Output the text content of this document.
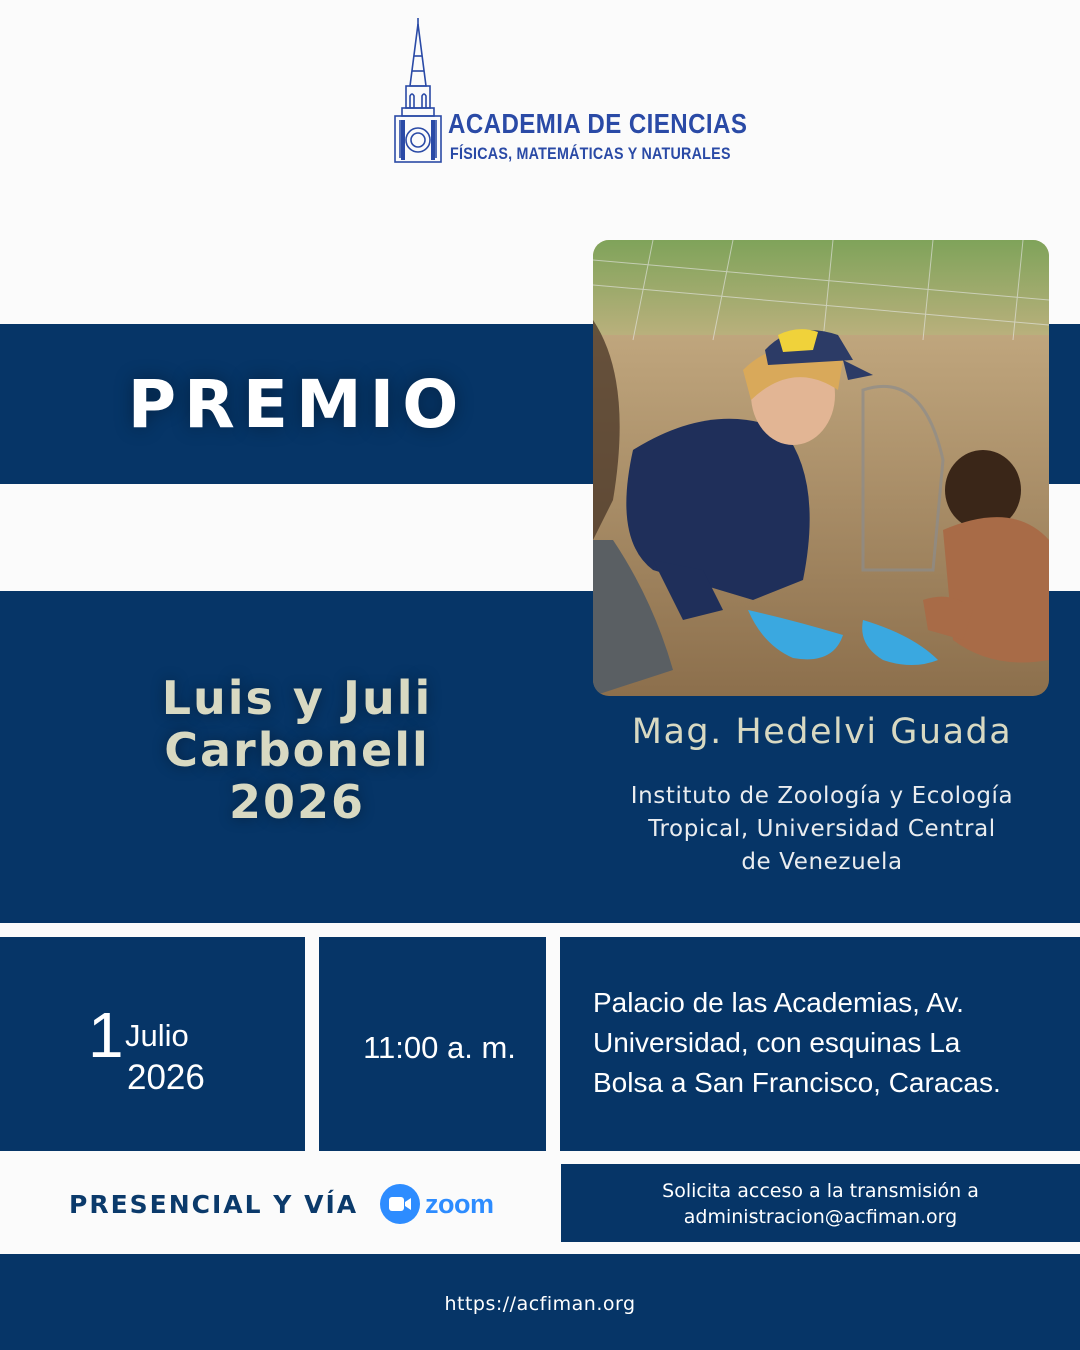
ACADEMIA DE CIENCIAS
FÍSICAS, MATEMÁTICAS Y NATURALES
PREMIO
Luis y Juli
Carbonell
2026
Mag. Hedelvi Guada
Instituto de Zoología y Ecología
Tropical, Universidad Central
de Venezuela
1 Julio
2026
11:00 a. m.
Palacio de las Academias, Av.
Universidad, con esquinas La
Bolsa a San Francisco, Caracas.
PRESENCIAL Y VÍA zoom	Solicita acceso a la transmisión a
administracion@acfiman.org
https://acfiman.org
